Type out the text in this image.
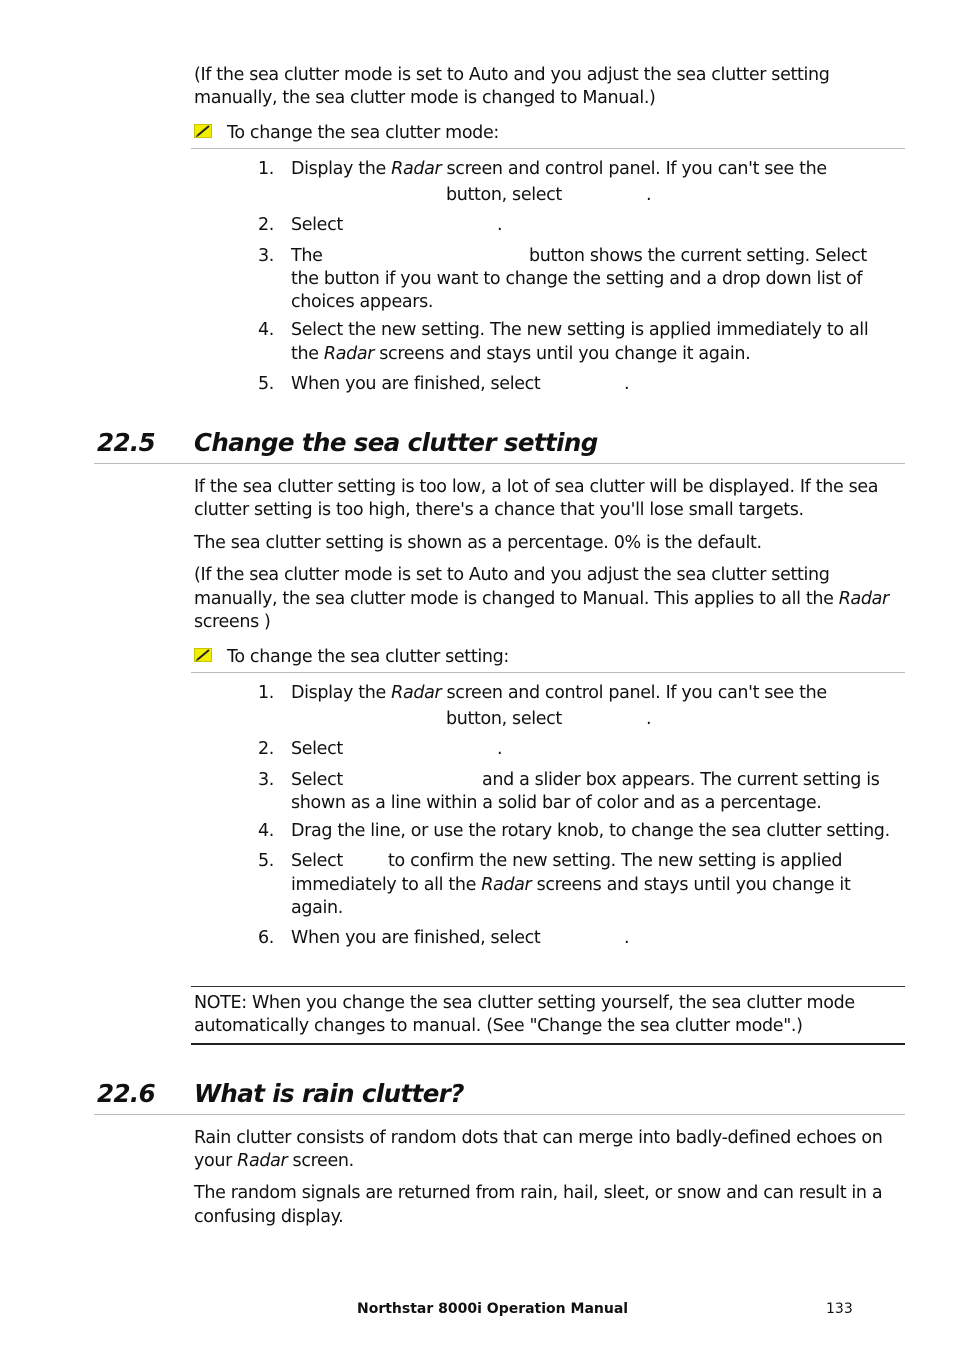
(If the sea clutter mode is set to Auto and you adjust the sea clutter setting
manually, the sea clutter mode is changed to Manual.)
To change the sea clutter mode:
1. Display the Radar screen and control panel. If you can't see the
button, select	.
2. Select	.
3. The	button shows the current setting. Select
the button if you want to change the setting and a drop down list of
choices appears.
4. Select the new setting. The new setting is applied immediately to all
the Radar screens and stays until you change it again.
5. When you are finished, select	.
22.5 Change the sea clutter setting
If the sea clutter setting is too low, a lot of sea clutter will be displayed. If the sea
clutter setting is too high, there's a chance that you'll lose small targets.
The sea clutter setting is shown as a percentage. 0% is the default.
(If the sea clutter mode is set to Auto and you adjust the sea clutter setting
manually, the sea clutter mode is changed to Manual. This applies to all the Radar
screens )
To change the sea clutter setting:
1. Display the Radar screen and control panel. If you can't see the
button, select	.
2. Select	.
3. Select	and a slider box appears. The current setting is
shown as a line within a solid bar of color and as a percentage.
4. Drag the line, or use the rotary knob, to change the sea clutter setting.
5. Select	to confirm the new setting. The new setting is applied
immediately to all the Radar screens and stays until you change it
again.
6. When you are finished, select	.
NOTE: When you change the sea clutter setting yourself, the sea clutter mode
automatically changes to manual. (See "Change the sea clutter mode".)
22.6 What is rain clutter?
Rain clutter consists of random dots that can merge into badly-defined echoes on
your Radar screen.
The random signals are returned from rain, hail, sleet, or snow and can result in a
confusing display.
Northstar 8000i Operation Manual	133
